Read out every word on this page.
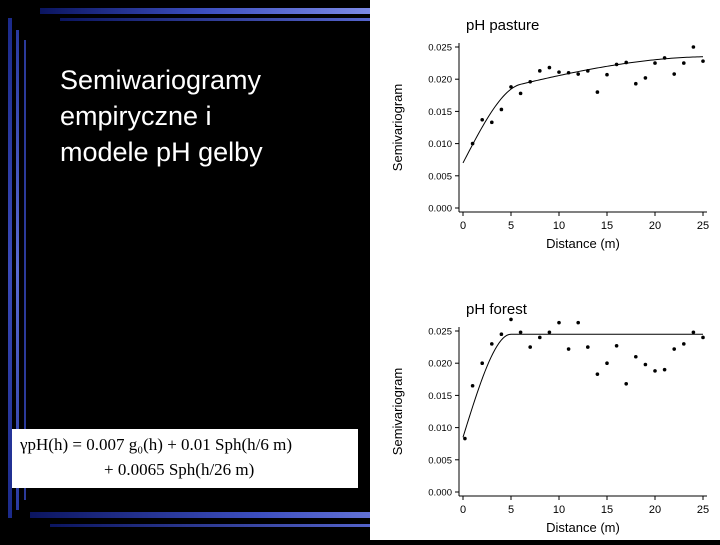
Semiwariogramy
empiryczne i
modele pH gelby
γpH(h) = 0.007 g₀(h) + 0.01 Sph(h/6 m)
+ 0.0065 Sph(h/26 m)
pH pasture
0.000
0.005
0.010
0.015
0.020
0.025
0	5	10	15	20	25
Distance (m)
Semivariogram
pH forest
0.000
0.005
0.010
0.015
0.020
0.025
0	5	10	15	20	25
Distance (m)
Semivariogram
